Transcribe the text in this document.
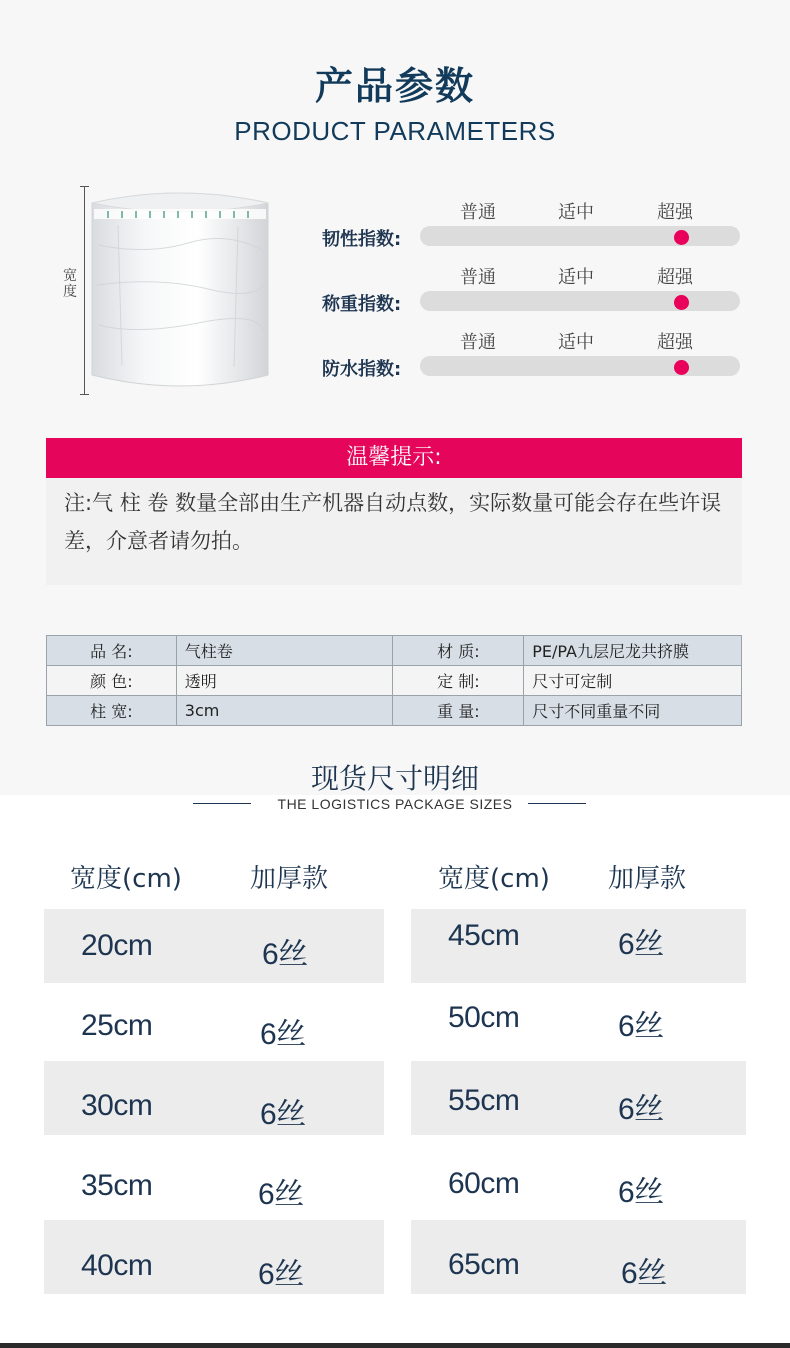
产品参数
PRODUCT PARAMETERS
宽度
普通	适中	超强
韧性指数:
普通	适中	超强
称重指数:
普通	适中	超强
防水指数:
温馨提示:
注:气 柱 卷 数量全部由生产机器自动点数，实际数量可能会存在些许误差，介意者请勿拍。
品 名:	气柱卷	材 质:	PE/PA九层尼龙共挤膜
颜 色:	透明	定 制:	尺寸可定制
柱 宽:	3cm	重 量:	尺寸不同重量不同
现货尺寸明细
THE LOGISTICS PACKAGE SIZES
宽度(cm)	加厚款	宽度(cm) 加厚款
20cm	6丝
25cm	6丝
30cm	6丝
35cm	6丝
40cm	6丝
45cm	6丝
50cm	6丝
55cm	6丝
60cm	6丝
65cm	6丝
